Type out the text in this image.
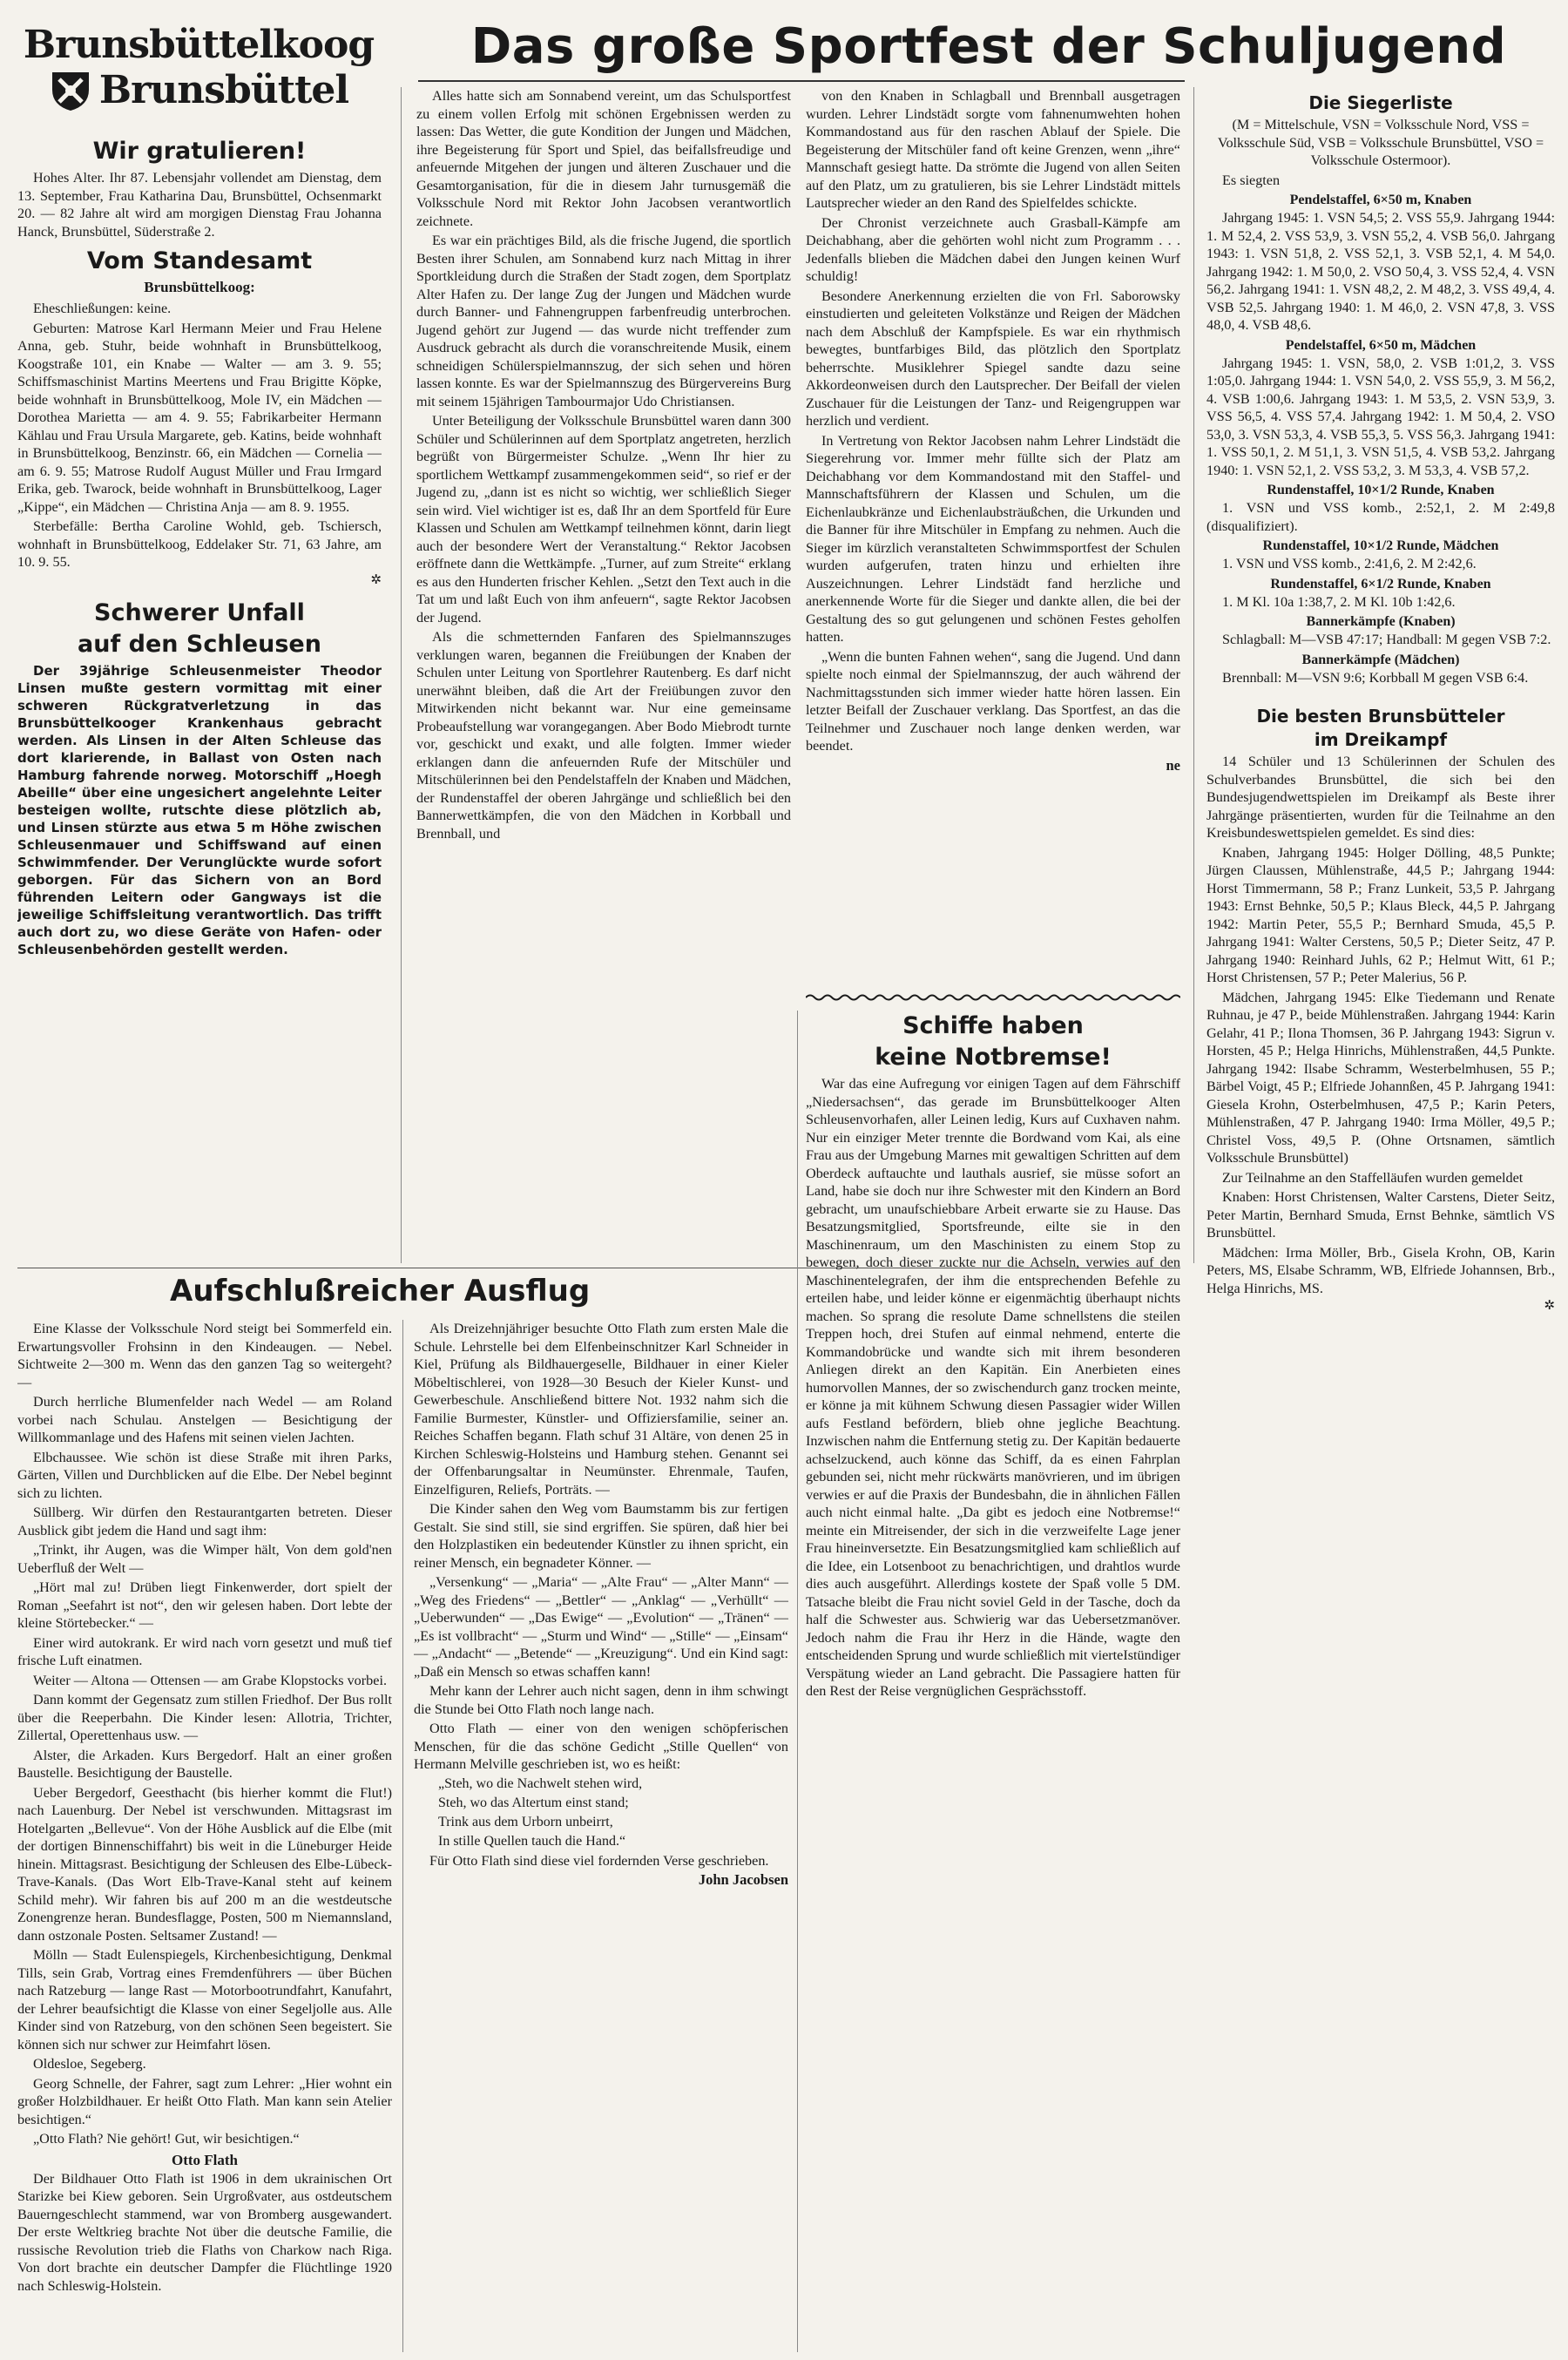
Brunsbüttelkoog
Brunsbüttel
Das große Sportfest der Schuljugend
Wir gratulieren!

Hohes Alter. Ihr 87. Lebensjahr vollendet am Dienstag, dem 13. September, Frau Katharina Dau, Brunsbüttel, Ochsenmarkt 20. — 82 Jahre alt wird am morgigen Dienstag Frau Johanna Hanck, Brunsbüttel, Süderstraße 2.

Vom Standesamt
Brunsbüttelkoog:

Eheschließungen: keine.

Geburten: Matrose Karl Hermann Meier und Frau Helene Anna, geb. Stuhr, beide wohnhaft in Brunsbüttelkoog, Koogstraße 101, ein Knabe — Walter — am 3. 9. 55; Schiffsmaschinist Martins Meertens und Frau Brigitte Köpke, beide wohnhaft in Brunsbüttelkoog, Mole IV, ein Mädchen — Dorothea Marietta — am 4. 9. 55; Fabrikarbeiter Hermann Kählau und Frau Ursula Margarete, geb. Katins, beide wohnhaft in Brunsbüttelkoog, Benzinstr. 66, ein Mädchen — Cornelia — am 6. 9. 55; Matrose Rudolf August Müller und Frau Irmgard Erika, geb. Twarock, beide wohnhaft in Brunsbüttelkoog, Lager „Kippe“, ein Mädchen — Christina Anja — am 8. 9. 1955.

Sterbefälle: Bertha Caroline Wohld, geb. Tschiersch, wohnhaft in Brunsbüttelkoog, Eddelaker Str. 71, 63 Jahre, am 10. 9. 55.

✲
Schwerer Unfall
auf den Schleusen

Der 39jährige Schleusenmeister Theodor Linsen mußte gestern vormittag mit einer schweren Rückgratverletzung in das Brunsbüttelkooger Krankenhaus gebracht werden. Als Linsen in der Alten Schleuse das dort klarierende, in Ballast von Osten nach Hamburg fahrende norweg. Motorschiff „Hoegh Abeille“ über eine ungesichert angelehnte Leiter besteigen wollte, rutschte diese plötzlich ab, und Linsen stürzte aus etwa 5 m Höhe zwischen Schleusenmauer und Schiffswand auf einen Schwimmfender. Der Verunglückte wurde sofort geborgen. Für das Sichern von an Bord führenden Leitern oder Gangways ist die jeweilige Schiffsleitung verantwortlich. Das trifft auch dort zu, wo diese Geräte von Hafen- oder Schleusenbehörden gestellt werden.

Alles hatte sich am Sonnabend vereint, um das Schulsportfest zu einem vollen Erfolg mit schönen Ergebnissen werden zu lassen: Das Wetter, die gute Kondition der Jungen und Mädchen, ihre Begeisterung für Sport und Spiel, das beifallsfreudige und anfeuernde Mitgehen der jungen und älteren Zuschauer und die Gesamtorganisation, für die in diesem Jahr turnusgemäß die Volksschule Nord mit Rektor John Jacobsen verantwortlich zeichnete.

Es war ein prächtiges Bild, als die frische Jugend, die sportlich Besten ihrer Schulen, am Sonnabend kurz nach Mittag in ihrer Sportkleidung durch die Straßen der Stadt zogen, dem Sportplatz Alter Hafen zu. Der lange Zug der Jungen und Mädchen wurde durch Banner- und Fahnengruppen farbenfreudig unterbrochen. Jugend gehört zur Jugend — das wurde nicht treffender zum Ausdruck gebracht als durch die voranschreitende Musik, einem schneidigen Schülerspielmannszug, der sich sehen und hören lassen konnte. Es war der Spielmannszug des Bürgervereins Burg mit seinem 15jährigen Tambourmajor Udo Christiansen.

Unter Beteiligung der Volksschule Brunsbüttel waren dann 300 Schüler und Schülerinnen auf dem Sportplatz angetreten, herzlich begrüßt von Bürgermeister Schulze. „Wenn Ihr hier zu sportlichem Wettkampf zusammengekommen seid“, so rief er der Jugend zu, „dann ist es nicht so wichtig, wer schließlich Sieger sein wird. Viel wichtiger ist es, daß Ihr an dem Sportfeld für Eure Klassen und Schulen am Wettkampf teilnehmen könnt, darin liegt auch der besondere Wert der Veranstaltung.“ Rektor Jacobsen eröffnete dann die Wettkämpfe. „Turner, auf zum Streite“ erklang es aus den Hunderten frischer Kehlen. „Setzt den Text auch in die Tat um und laßt Euch von ihm anfeuern“, sagte Rektor Jacobsen der Jugend.

Als die schmetternden Fanfaren des Spielmannszuges verklungen waren, begannen die Freiübungen der Knaben der Schulen unter Leitung von Sportlehrer Rautenberg. Es darf nicht unerwähnt bleiben, daß die Art der Freiübungen zuvor den Mitwirkenden nicht bekannt war. Nur eine gemeinsame Probeaufstellung war vorangegangen. Aber Bodo Miebrodt turnte vor, geschickt und exakt, und alle folgten. Immer wieder erklangen dann die anfeuernden Rufe der Mitschüler und Mitschülerinnen bei den Pendelstaffeln der Knaben und Mädchen, der Rundenstaffel der oberen Jahrgänge und schließlich bei den Bannerwettkämpfen, die von den Mädchen in Korbball und Brennball, und

von den Knaben in Schlagball und Brennball ausgetragen wurden. Lehrer Lindstädt sorgte vom fahnenumwehten hohen Kommandostand aus für den raschen Ablauf der Spiele. Die Begeisterung der Mitschüler fand oft keine Grenzen, wenn „ihre“ Mannschaft gesiegt hatte. Da strömte die Jugend von allen Seiten auf den Platz, um zu gratulieren, bis sie Lehrer Lindstädt mittels Lautsprecher wieder an den Rand des Spielfeldes schickte.

Der Chronist verzeichnete auch Grasball-Kämpfe am Deichabhang, aber die gehörten wohl nicht zum Programm . . . Jedenfalls blieben die Mädchen dabei den Jungen keinen Wurf schuldig!

Besondere Anerkennung erzielten die von Frl. Saborowsky einstudierten und geleiteten Volkstänze und Reigen der Mädchen nach dem Abschluß der Kampfspiele. Es war ein rhythmisch bewegtes, buntfarbiges Bild, das plötzlich den Sportplatz beherrschte. Musiklehrer Spiegel sandte dazu seine Akkordeonweisen durch den Lautsprecher. Der Beifall der vielen Zuschauer für die Leistungen der Tanz- und Reigengruppen war herzlich und verdient.

In Vertretung von Rektor Jacobsen nahm Lehrer Lindstädt die Siegerehrung vor. Immer mehr füllte sich der Platz am Deichabhang vor dem Kommandostand mit den Staffel- und Mannschaftsführern der Klassen und Schulen, um die Eichenlaubkränze und Eichenlaubsträußchen, die Urkunden und die Banner für ihre Mitschüler in Empfang zu nehmen. Auch die Sieger im kürzlich veranstalteten Schwimmsportfest der Schulen wurden aufgerufen, traten hinzu und erhielten ihre Auszeichnungen. Lehrer Lindstädt fand herzliche und anerkennende Worte für die Sieger und dankte allen, die bei der Gestaltung des so gut gelungenen und schönen Festes geholfen hatten.

„Wenn die bunten Fahnen wehen“, sang die Jugend. Und dann spielte noch einmal der Spielmannszug, der auch während der Nachmittagsstunden sich immer wieder hatte hören lassen. Ein letzter Beifall der Zuschauer verklang. Das Sportfest, an das die Teilnehmer und Zuschauer noch lange denken werden, war beendet.

ne
Die Siegerliste

(M = Mittelschule, VSN = Volksschule Nord, VSS = Volksschule Süd, VSB = Volksschule Brunsbüttel, VSO = Volksschule Ostermoor).

Es siegten

Pendelstaffel, 6×50 m, Knaben

Jahrgang 1945: 1. VSN 54,5; 2. VSS 55,9. Jahrgang 1944: 1. M 52,4, 2. VSS 53,9, 3. VSN 55,2, 4. VSB 56,0. Jahrgang 1943: 1. VSN 51,8, 2. VSS 52,1, 3. VSB 52,1, 4. M 54,0. Jahrgang 1942: 1. M 50,0, 2. VSO 50,4, 3. VSS 52,4, 4. VSN 56,2. Jahrgang 1941: 1. VSN 48,2, 2. M 48,2, 3. VSS 49,4, 4. VSB 52,5. Jahrgang 1940: 1. M 46,0, 2. VSN 47,8, 3. VSS 48,0, 4. VSB 48,6.

Pendelstaffel, 6×50 m, Mädchen

Jahrgang 1945: 1. VSN, 58,0, 2. VSB 1:01,2, 3. VSS 1:05,0. Jahrgang 1944: 1. VSN 54,0, 2. VSS 55,9, 3. M 56,2, 4. VSB 1:00,6. Jahrgang 1943: 1. M 53,5, 2. VSN 53,9, 3. VSS 56,5, 4. VSS 57,4. Jahrgang 1942: 1. M 50,4, 2. VSO 53,0, 3. VSN 53,3, 4. VSB 55,3, 5. VSS 56,3. Jahrgang 1941: 1. VSS 50,1, 2. M 51,1, 3. VSN 51,5, 4. VSB 53,2. Jahrgang 1940: 1. VSN 52,1, 2. VSS 53,2, 3. M 53,3, 4. VSB 57,2.

Rundenstaffel, 10×1/2 Runde, Knaben

1. VSN und VSS komb., 2:52,1, 2. M 2:49,8 (disqualifiziert).

Rundenstaffel, 10×1/2 Runde, Mädchen

1. VSN und VSS komb., 2:41,6, 2. M 2:42,6.

Rundenstaffel, 6×1/2 Runde, Knaben

1. M Kl. 10a 1:38,7, 2. M Kl. 10b 1:42,6.

Bannerkämpfe (Knaben)

Schlagball: M—VSB 47:17; Handball: M gegen VSB 7:2.

Bannerkämpfe (Mädchen)

Brennball: M—VSN 9:6; Korbball M gegen VSB 6:4.

Die besten Brunsbütteler
im Dreikampf

14 Schüler und 13 Schülerinnen der Schulen des Schulverbandes Brunsbüttel, die sich bei den Bundesjugendwettspielen im Dreikampf als Beste ihrer Jahrgänge präsentierten, wurden für die Teilnahme an den Kreisbundeswettspielen gemeldet. Es sind dies:

Knaben, Jahrgang 1945: Holger Dölling, 48,5 Punkte; Jürgen Claussen, Mühlenstraße, 44,5 P.; Jahrgang 1944: Horst Timmermann, 58 P.; Franz Lunkeit, 53,5 P. Jahrgang 1943: Ernst Behnke, 50,5 P.; Klaus Bleck, 44,5 P. Jahrgang 1942: Martin Peter, 55,5 P.; Bernhard Smuda, 45,5 P. Jahrgang 1941: Walter Cerstens, 50,5 P.; Dieter Seitz, 47 P. Jahrgang 1940: Reinhard Juhls, 62 P.; Helmut Witt, 61 P.; Horst Christensen, 57 P.; Peter Malerius, 56 P.

Mädchen, Jahrgang 1945: Elke Tiedemann und Renate Ruhnau, je 47 P., beide Mühlenstraßen. Jahrgang 1944: Karin Gelahr, 41 P.; Ilona Thomsen, 36 P. Jahrgang 1943: Sigrun v. Horsten, 45 P.; Helga Hinrichs, Mühlenstraßen, 44,5 Punkte. Jahrgang 1942: Ilsabe Schramm, Westerbelmhusen, 55 P.; Bärbel Voigt, 45 P.; Elfriede Johannßen, 45 P. Jahrgang 1941: Giesela Krohn, Osterbelmhusen, 47,5 P.; Karin Peters, Mühlenstraßen, 47 P. Jahrgang 1940: Irma Möller, 49,5 P.; Christel Voss, 49,5 P. (Ohne Ortsnamen, sämtlich Volksschule Brunsbüttel)

Zur Teilnahme an den Staffelläufen wurden gemeldet

Knaben: Horst Christensen, Walter Carstens, Dieter Seitz, Peter Martin, Bernhard Smuda, Ernst Behnke, sämtlich VS Brunsbüttel.

Mädchen: Irma Möller, Brb., Gisela Krohn, OB, Karin Peters, MS, Elsabe Schramm, WB, Elfriede Johannsen, Brb., Helga Hinrichs, MS.

✲
Aufschlußreicher Ausflug

Eine Klasse der Volksschule Nord steigt bei Sommerfeld ein. Erwartungsvoller Frohsinn in den Kindeaugen. — Nebel. Sichtweite 2—300 m. Wenn das den ganzen Tag so weitergeht? —

Durch herrliche Blumenfelder nach Wedel — am Roland vorbei nach Schulau. Anstelgen — Besichtigung der Willkommanlage und des Hafens mit seinen vielen Jachten.

Elbchaussee. Wie schön ist diese Straße mit ihren Parks, Gärten, Villen und Durchblicken auf die Elbe. Der Nebel beginnt sich zu lichten.

Süllberg. Wir dürfen den Restaurantgarten betreten. Dieser Ausblick gibt jedem die Hand und sagt ihm:

„Trinkt, ihr Augen, was die Wimper hält, Von dem gold'nen Ueberfluß der Welt —

„Hört mal zu! Drüben liegt Finkenwerder, dort spielt der Roman „Seefahrt ist not“, den wir gelesen haben. Dort lebte der kleine Störtebecker.“ —

Einer wird autokrank. Er wird nach vorn gesetzt und muß tief frische Luft einatmen.

Weiter — Altona — Ottensen — am Grabe Klopstocks vorbei.

Dann kommt der Gegensatz zum stillen Friedhof. Der Bus rollt über die Reeperbahn. Die Kinder lesen: Allotria, Trichter, Zillertal, Operettenhaus usw. —

Alster, die Arkaden. Kurs Bergedorf. Halt an einer großen Baustelle. Besichtigung der Baustelle.

Ueber Bergedorf, Geesthacht (bis hierher kommt die Flut!) nach Lauenburg. Der Nebel ist verschwunden. Mittagsrast im Hotelgarten „Bellevue“. Von der Höhe Ausblick auf die Elbe (mit der dortigen Binnenschiffahrt) bis weit in die Lüneburger Heide hinein. Mittagsrast. Besichtigung der Schleusen des Elbe-Lübeck-Trave-Kanals. (Das Wort Elb-Trave-Kanal steht auf keinem Schild mehr). Wir fahren bis auf 200 m an die westdeutsche Zonengrenze heran. Bundesflagge, Posten, 500 m Niemannsland, dann ostzonale Posten. Seltsamer Zustand! —

Mölln — Stadt Eulenspiegels, Kirchenbesichtigung, Denkmal Tills, sein Grab, Vortrag eines Fremdenführers — über Büchen nach Ratzeburg — lange Rast — Motorbootrundfahrt, Kanufahrt, der Lehrer beaufsichtigt die Klasse von einer Segeljolle aus. Alle Kinder sind von Ratzeburg, von den schönen Seen begeistert. Sie können sich nur schwer zur Heimfahrt lösen.

Oldesloe, Segeberg.

Georg Schnelle, der Fahrer, sagt zum Lehrer: „Hier wohnt ein großer Holzbildhauer. Er heißt Otto Flath. Man kann sein Atelier besichtigen.“

„Otto Flath? Nie gehört! Gut, wir besichtigen.“

Otto Flath

Der Bildhauer Otto Flath ist 1906 in dem ukrainischen Ort Starizke bei Kiew geboren. Sein Urgroßvater, aus ostdeutschem Bauerngeschlecht stammend, war von Bromberg ausgewandert. Der erste Weltkrieg brachte Not über die deutsche Familie, die russische Revolution trieb die Flaths von Charkow nach Riga. Von dort brachte ein deutscher Dampfer die Flüchtlinge 1920 nach Schleswig-Holstein.

Als Dreizehnjähriger besuchte Otto Flath zum ersten Male die Schule. Lehrstelle bei dem Elfenbeinschnitzer Karl Schneider in Kiel, Prüfung als Bildhauergeselle, Bildhauer in einer Kieler Möbeltischlerei, von 1928—30 Besuch der Kieler Kunst- und Gewerbeschule. Anschließend bittere Not. 1932 nahm sich die Familie Burmester, Künstler- und Offiziersfamilie, seiner an. Reiches Schaffen begann. Flath schuf 31 Altäre, von denen 25 in Kirchen Schleswig-Holsteins und Hamburg stehen. Genannt sei der Offenbarungsaltar in Neumünster. Ehrenmale, Taufen, Einzelfiguren, Reliefs, Porträts. —

Die Kinder sahen den Weg vom Baumstamm bis zur fertigen Gestalt. Sie sind still, sie sind ergriffen. Sie spüren, daß hier bei den Holzplastiken ein bedeutender Künstler zu ihnen spricht, ein reiner Mensch, ein begnadeter Könner. —

„Versenkung“ — „Maria“ — „Alte Frau“ — „Alter Mann“ — „Weg des Friedens“ — „Bettler“ — „Anklag“ — „Verhüllt“ — „Ueberwunden“ — „Das Ewige“ — „Evolution“ — „Tränen“ — „Es ist vollbracht“ — „Sturm und Wind“ — „Stille“ — „Einsam“ — „Andacht“ — „Betende“ — „Kreuzigung“. Und ein Kind sagt: „Daß ein Mensch so etwas schaffen kann!

Mehr kann der Lehrer auch nicht sagen, denn in ihm schwingt die Stunde bei Otto Flath noch lange nach.

Otto Flath — einer von den wenigen schöpferischen Menschen, für die das schöne Gedicht „Stille Quellen“ von Hermann Melville geschrieben ist, wo es heißt:

„Steh, wo die Nachwelt stehen wird,
Steh, wo das Altertum einst stand;
Trink aus dem Urborn unbeirrt,
In stille Quellen tauch die Hand.“

Für Otto Flath sind diese viel fordernden Verse geschrieben.

John Jacobsen
Schiffe haben
keine Notbremse!

War das eine Aufregung vor einigen Tagen auf dem Fährschiff „Niedersachsen“, das gerade im Brunsbüttelkooger Alten Schleusenvorhafen, aller Leinen ledig, Kurs auf Cuxhaven nahm. Nur ein einziger Meter trennte die Bordwand vom Kai, als eine Frau aus der Umgebung Marnes mit gewaltigen Schritten auf dem Oberdeck auftauchte und lauthals ausrief, sie müsse sofort an Land, habe sie doch nur ihre Schwester mit den Kindern an Bord gebracht, um unaufschiebbare Arbeit erwarte sie zu Hause. Das Besatzungsmitglied, Sportsfreunde, eilte sie in den Maschinenraum, um den Maschinisten zu einem Stop zu bewegen, doch dieser zuckte nur die Achseln, verwies auf den Maschinentelegrafen, der ihm die entsprechenden Befehle zu erteilen habe, und leider könne er eigenmächtig überhaupt nichts machen. So sprang die resolute Dame schnellstens die steilen Treppen hoch, drei Stufen auf einmal nehmend, enterte die Kommandobrücke und wandte sich mit ihrem besonderen Anliegen direkt an den Kapitän. Ein Anerbieten eines humorvollen Mannes, der so zwischendurch ganz trocken meinte, er könne ja mit kühnem Schwung diesen Passagier wider Willen aufs Festland befördern, blieb ohne jegliche Beachtung. Inzwischen nahm die Entfernung stetig zu. Der Kapitän bedauerte achselzuckend, auch könne das Schiff, da es einen Fahrplan gebunden sei, nicht mehr rückwärts manövrieren, und im übrigen verwies er auf die Praxis der Bundesbahn, die in ähnlichen Fällen auch nicht einmal halte. „Da gibt es jedoch eine Notbremse!“ meinte ein Mitreisender, der sich in die verzweifelte Lage jener Frau hineinversetzte. Ein Besatzungsmitglied kam schließlich auf die Idee, ein Lotsenboot zu benachrichtigen, und drahtlos wurde dies auch ausgeführt. Allerdings kostete der Spaß volle 5 DM. Tatsache bleibt die Frau nicht soviel Geld in der Tasche, doch da half die Schwester aus. Schwierig war das Uebersetzmanöver. Jedoch nahm die Frau ihr Herz in die Hände, wagte den entscheidenden Sprung und wurde schließlich mit vierteIstündiger Verspätung wieder an Land gebracht. Die Passagiere hatten für den Rest der Reise vergnüglichen Gesprächsstoff.
